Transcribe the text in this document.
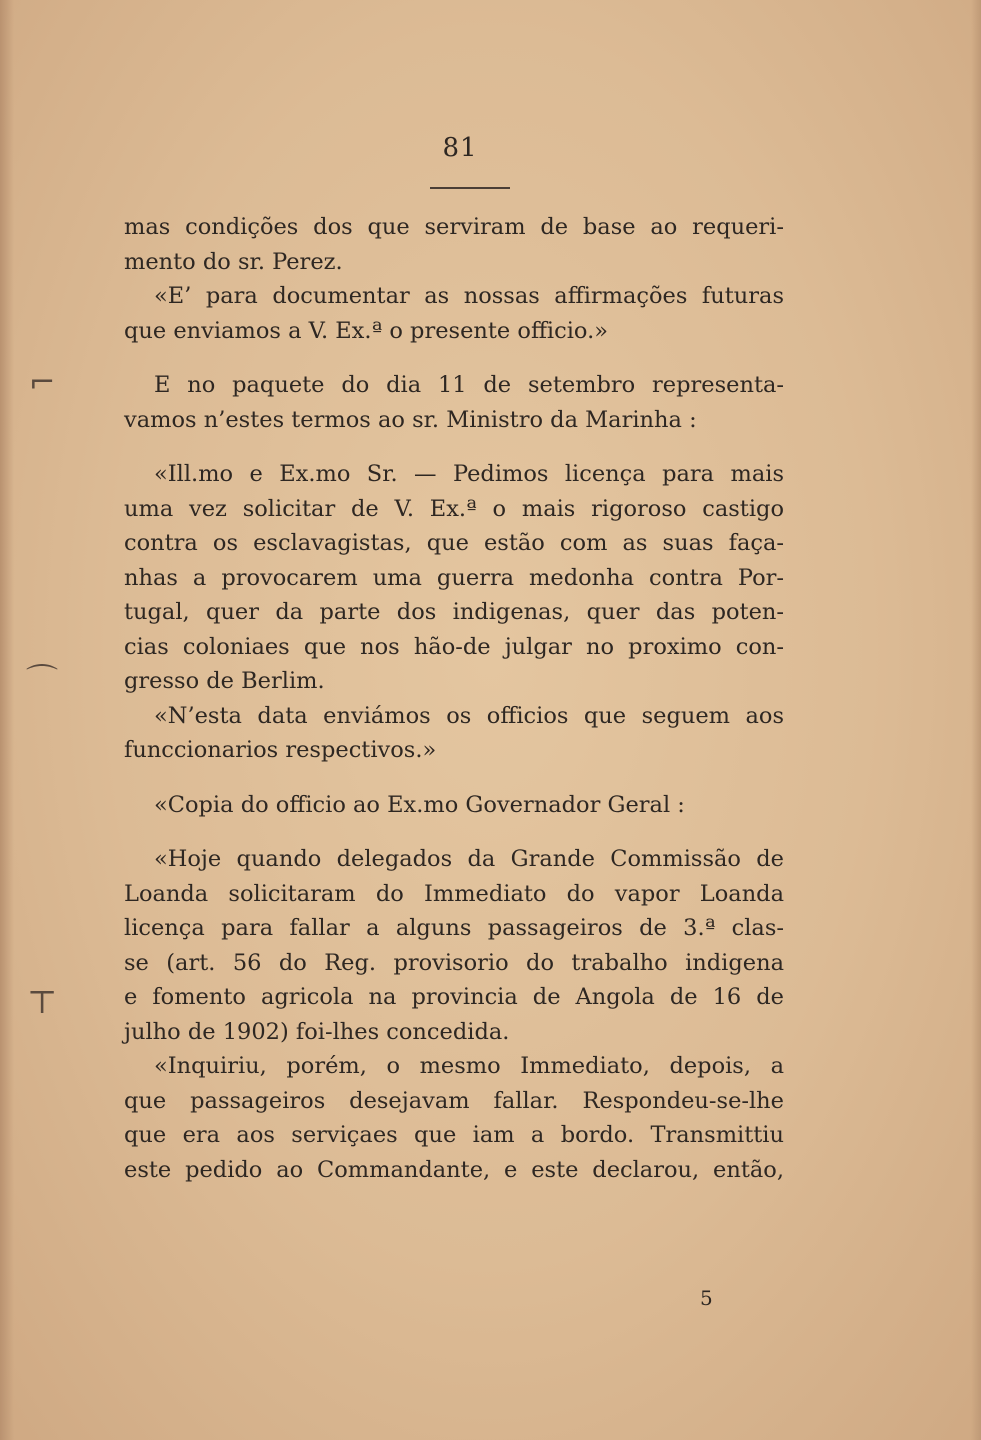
⌐
⌒
⊤
81
mas condições dos que serviram de base ao requeri-
mento do sr. Perez.
«E’ para documentar as nossas affirmações futuras
que enviamos a V. Ex.ª o presente officio.»
E no paquete do dia 11 de setembro representa-
vamos n’estes termos ao sr. Ministro da Marinha :
«Ill.mo e Ex.mo Sr. — Pedimos licença para mais
uma vez solicitar de V. Ex.ª o mais rigoroso castigo
contra os esclavagistas, que estão com as suas faça-
nhas a provocarem uma guerra medonha contra Por-
tugal, quer da parte dos indigenas, quer das poten-
cias coloniaes que nos hão-de julgar no proximo con-
gresso de Berlim.
«N’esta data enviámos os officios que seguem aos
funccionarios respectivos.»
«Copia do officio ao Ex.mo Governador Geral :
«Hoje quando delegados da Grande Commissão de
Loanda solicitaram do Immediato do vapor Loanda
licença para fallar a alguns passageiros de 3.ª clas-
se (art. 56 do Reg. provisorio do trabalho indigena
e fomento agricola na provincia de Angola de 16 de
julho de 1902) foi-lhes concedida.
«Inquiriu, porém, o mesmo Immediato, depois, a
que passageiros desejavam fallar. Respondeu-se-lhe
que era aos serviçaes que iam a bordo. Transmittiu
este pedido ao Commandante, e este declarou, então,
5
